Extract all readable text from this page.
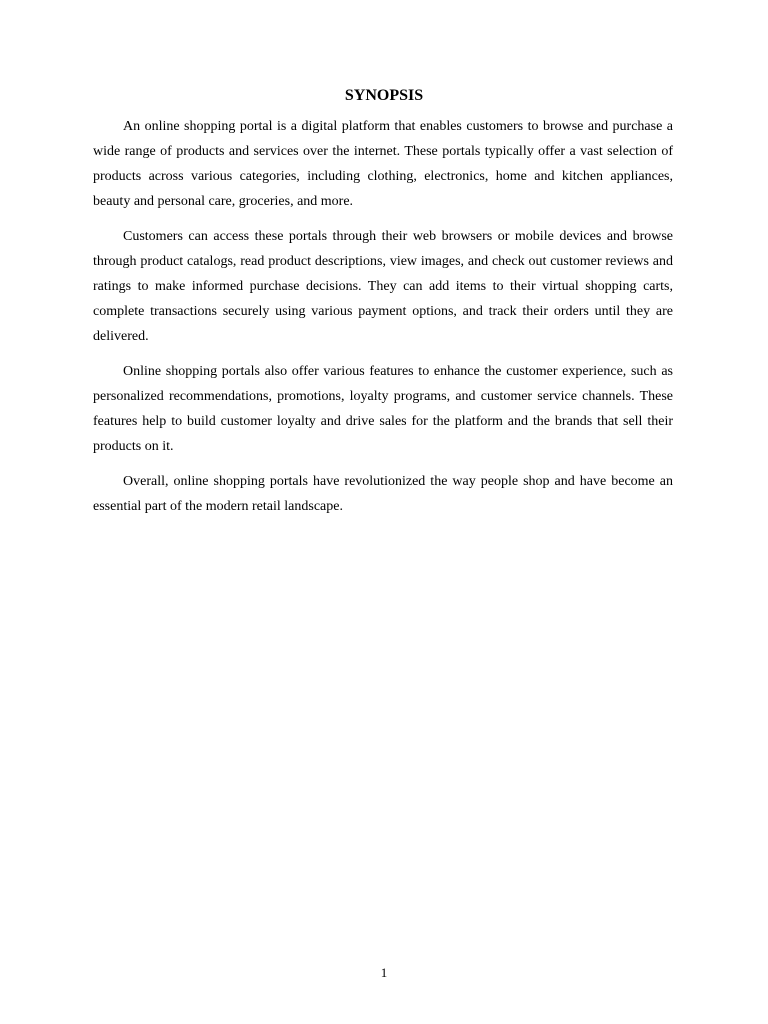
SYNOPSIS

An online shopping portal is a digital platform that enables customers to browse and purchase a wide range of products and services over the internet. These portals typically offer a vast selection of products across various categories, including clothing, electronics, home and kitchen appliances, beauty and personal care, groceries, and more.

Customers can access these portals through their web browsers or mobile devices and browse through product catalogs, read product descriptions, view images, and check out customer reviews and ratings to make informed purchase decisions. They can add items to their virtual shopping carts, complete transactions securely using various payment options, and track their orders until they are delivered.

Online shopping portals also offer various features to enhance the customer experience, such as personalized recommendations, promotions, loyalty programs, and customer service channels. These features help to build customer loyalty and drive sales for the platform and the brands that sell their products on it.

Overall, online shopping portals have revolutionized the way people shop and have become an essential part of the modern retail landscape.

1
